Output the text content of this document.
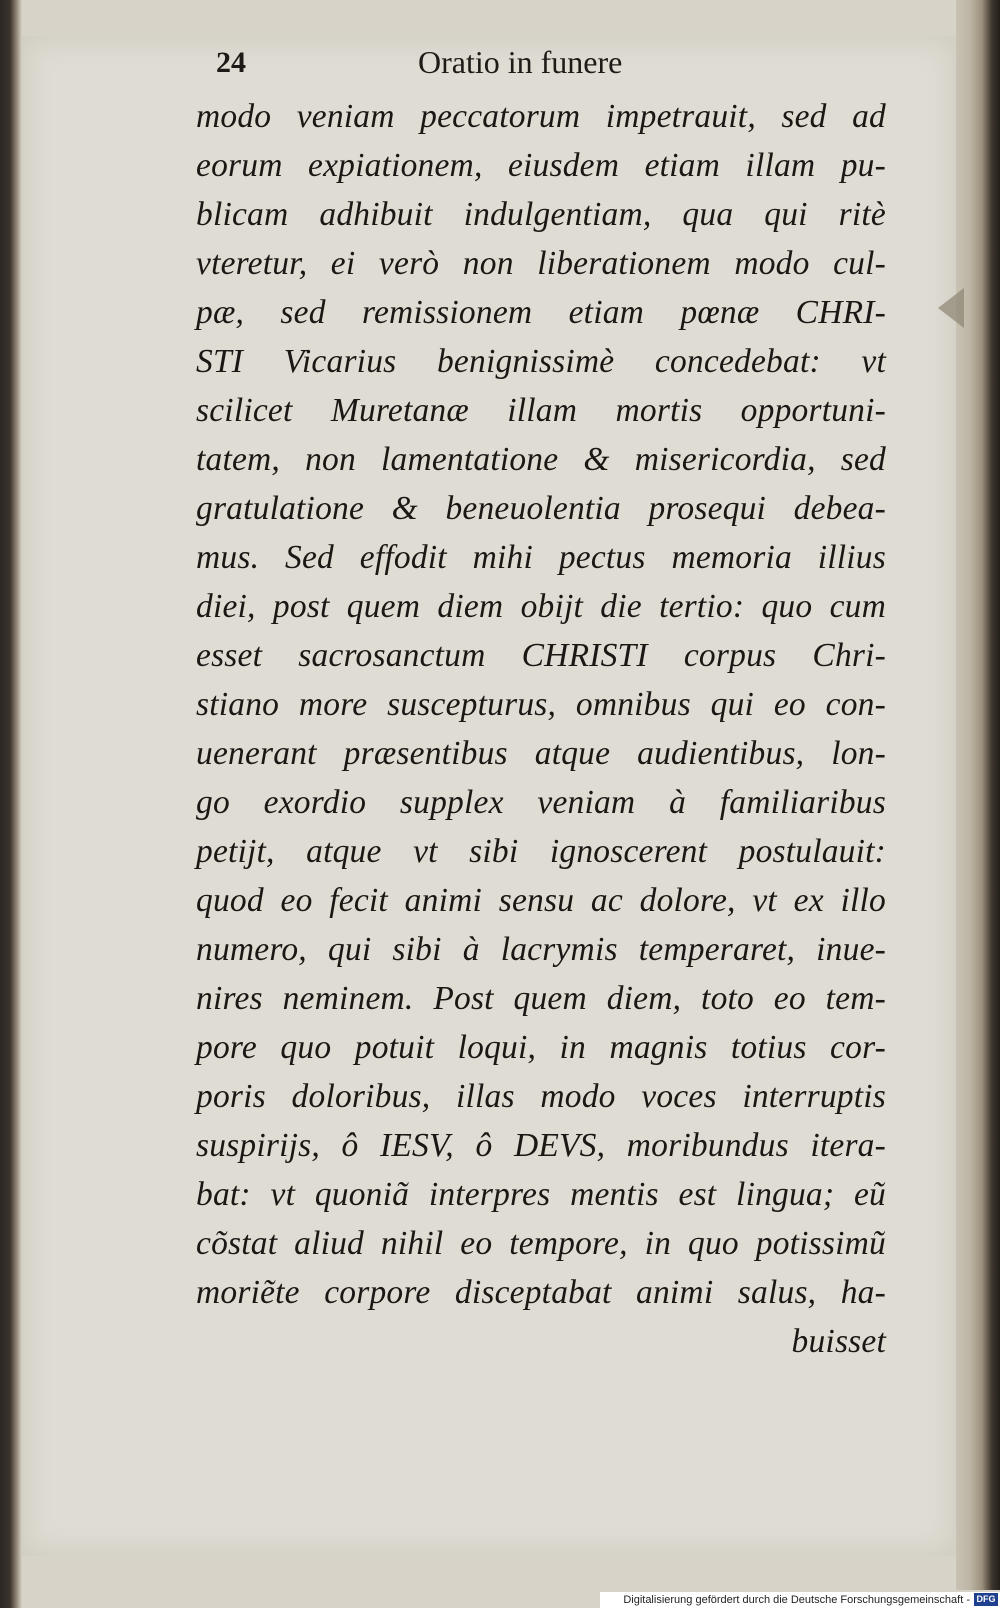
24	Oratio in funere
modo veniam peccatorum impetrauit, sed ad
eorum expiationem, eiusdem etiam illam pu-
blicam adhibuit indulgentiam, qua qui ritè
vteretur, ei verò non liberationem modo cul-
pæ, sed remissionem etiam pœnæ CHRI-
STI Vicarius benignissimè concedebat: vt
scilicet Muretanæ illam mortis opportuni-
tatem, non lamentatione & misericordia, sed
gratulatione & beneuolentia prosequi debea-
mus. Sed effodit mihi pectus memoria illius
diei, post quem diem obijt die tertio: quo cum
esset sacrosanctum CHRISTI corpus Chri-
stiano more suscepturus, omnibus qui eo con-
uenerant præsentibus atque audientibus, lon-
go exordio supplex veniam à familiaribus
petijt, atque vt sibi ignoscerent postulauit:
quod eo fecit animi sensu ac dolore, vt ex illo
numero, qui sibi à lacrymis temperaret, inue-
nires neminem. Post quem diem, toto eo tem-
pore quo potuit loqui, in magnis totius cor-
poris doloribus, illas modo voces interruptis
suspirijs, ô IESV, ô DEVS, moribundus itera-
bat: vt quoniã interpres mentis est lingua; eũ
cõstat aliud nihil eo tempore, in quo potissimũ
moriẽte corpore disceptabat animi salus, ha-
buisset
Digitalisierung gefördert durch die Deutsche Forschungsgemeinschaft - DFG
